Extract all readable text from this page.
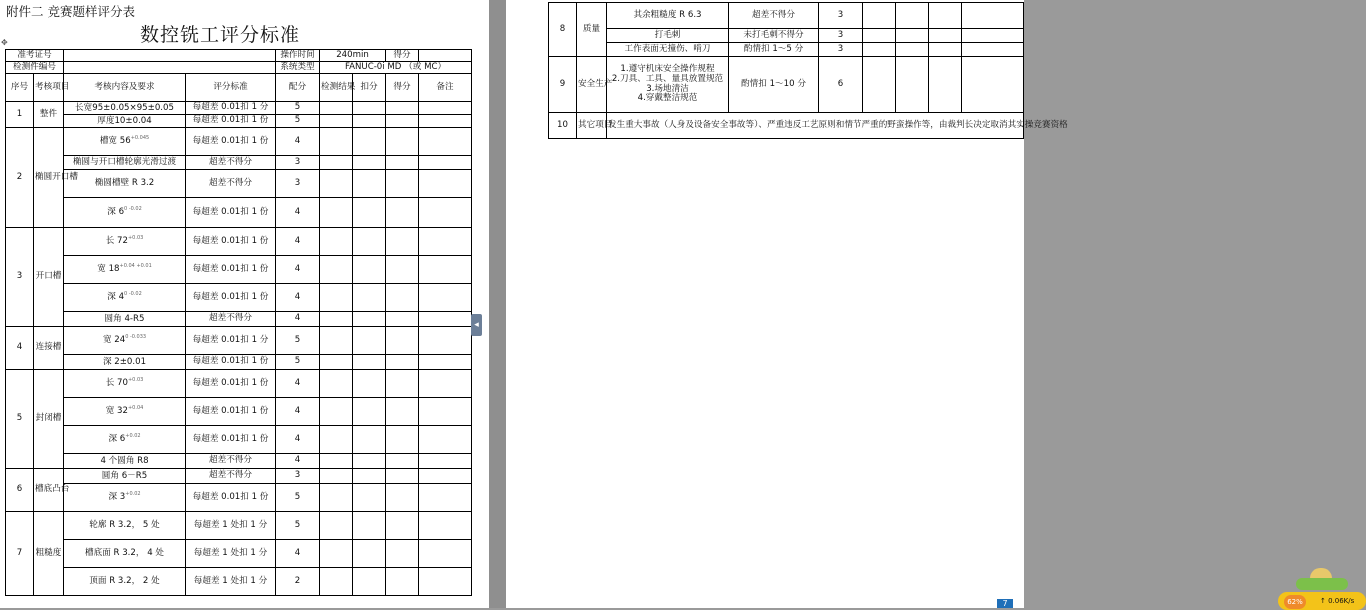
✥
附件二 竞赛题样评分表
数控铣工评分标准
准考证号				操作时间	240min		得分	
检测件编号				系统类型	FANUC-0i MD （或 MC）			
序号	考核项目	考核内容及要求	评分标准	配分	检测结果	扣分	得分	备注
1	整件	长宽95±0.05×95±0.05	每超差 0.01扣 1 分	5				
		厚度10±0.04	每超差 0.01扣 1 份	5				
2	椭圆开口槽	槽宽 $56^{+0.045}$	每超差 0.01扣 1 份	4				
		椭圆与开口槽轮廓光滑过渡	超差不得分	3				
		椭圆槽壁 R 3.2	超差不得分	3				
		深 $6^{0 -0.02}$	每超差 0.01扣 1 份	4				
3	开口槽	长 $72^{+0.03}$	每超差 0.01扣 1 份	4				
		宽 $18^{+0.04 +0.01}$	每超差 0.01扣 1 份	4				
		深 $4^{0 -0.02}$	每超差 0.01扣 1 份	4				
		圆角 4-R5	超差不得分	4				
4	连接槽	宽 $24^{0 -0.033}$	每超差 0.01扣 1 分	5				
		深 2±0.01	每超差 0.01扣 1 份	5				
5	封闭槽	长 $70^{+0.03}$	每超差 0.01扣 1 份	4				
		宽 $32^{+0.04}$	每超差 0.01扣 1 份	4				
		深 $6^{+0.02}$	每超差 0.01扣 1 份	4				
		4 个圆角 R8	超差不得分	4				
6	槽底凸台	圆角 6－R5	超差不得分	3				
		深 $3^{+0.02}$	每超差 0.01扣 1 份	5				
7	粗糙度	轮廓 R 3.2， 5 处	每超差 1 处扣 1 分	5				
		槽底面 R 3.2， 4 处	每超差 1 处扣 1 分	4				
		顶面 R 3.2， 2 处	每超差 1 处扣 1 分	2				
◂
8	质量	其余粗糙度 R 6.3	超差不得分	3				
		打毛刺	未打毛刺不得分	3				
		工作表面无撞伤、啃刀	酌情扣 1～5 分	3				
9	安全生产	1.遵守机床安全操作规程
2.刀具、工具、量具放置规范
3.场地清洁
4.穿戴整洁规范	酌情扣 1～10 分	6				
10	其它项目	发生重大事故（人身及设备安全事故等）、严重违反工艺原则和情节严重的野蛮操作等，由裁判长决定取消其实操竞赛资格						
62%	↑ 0.06K/s
7
